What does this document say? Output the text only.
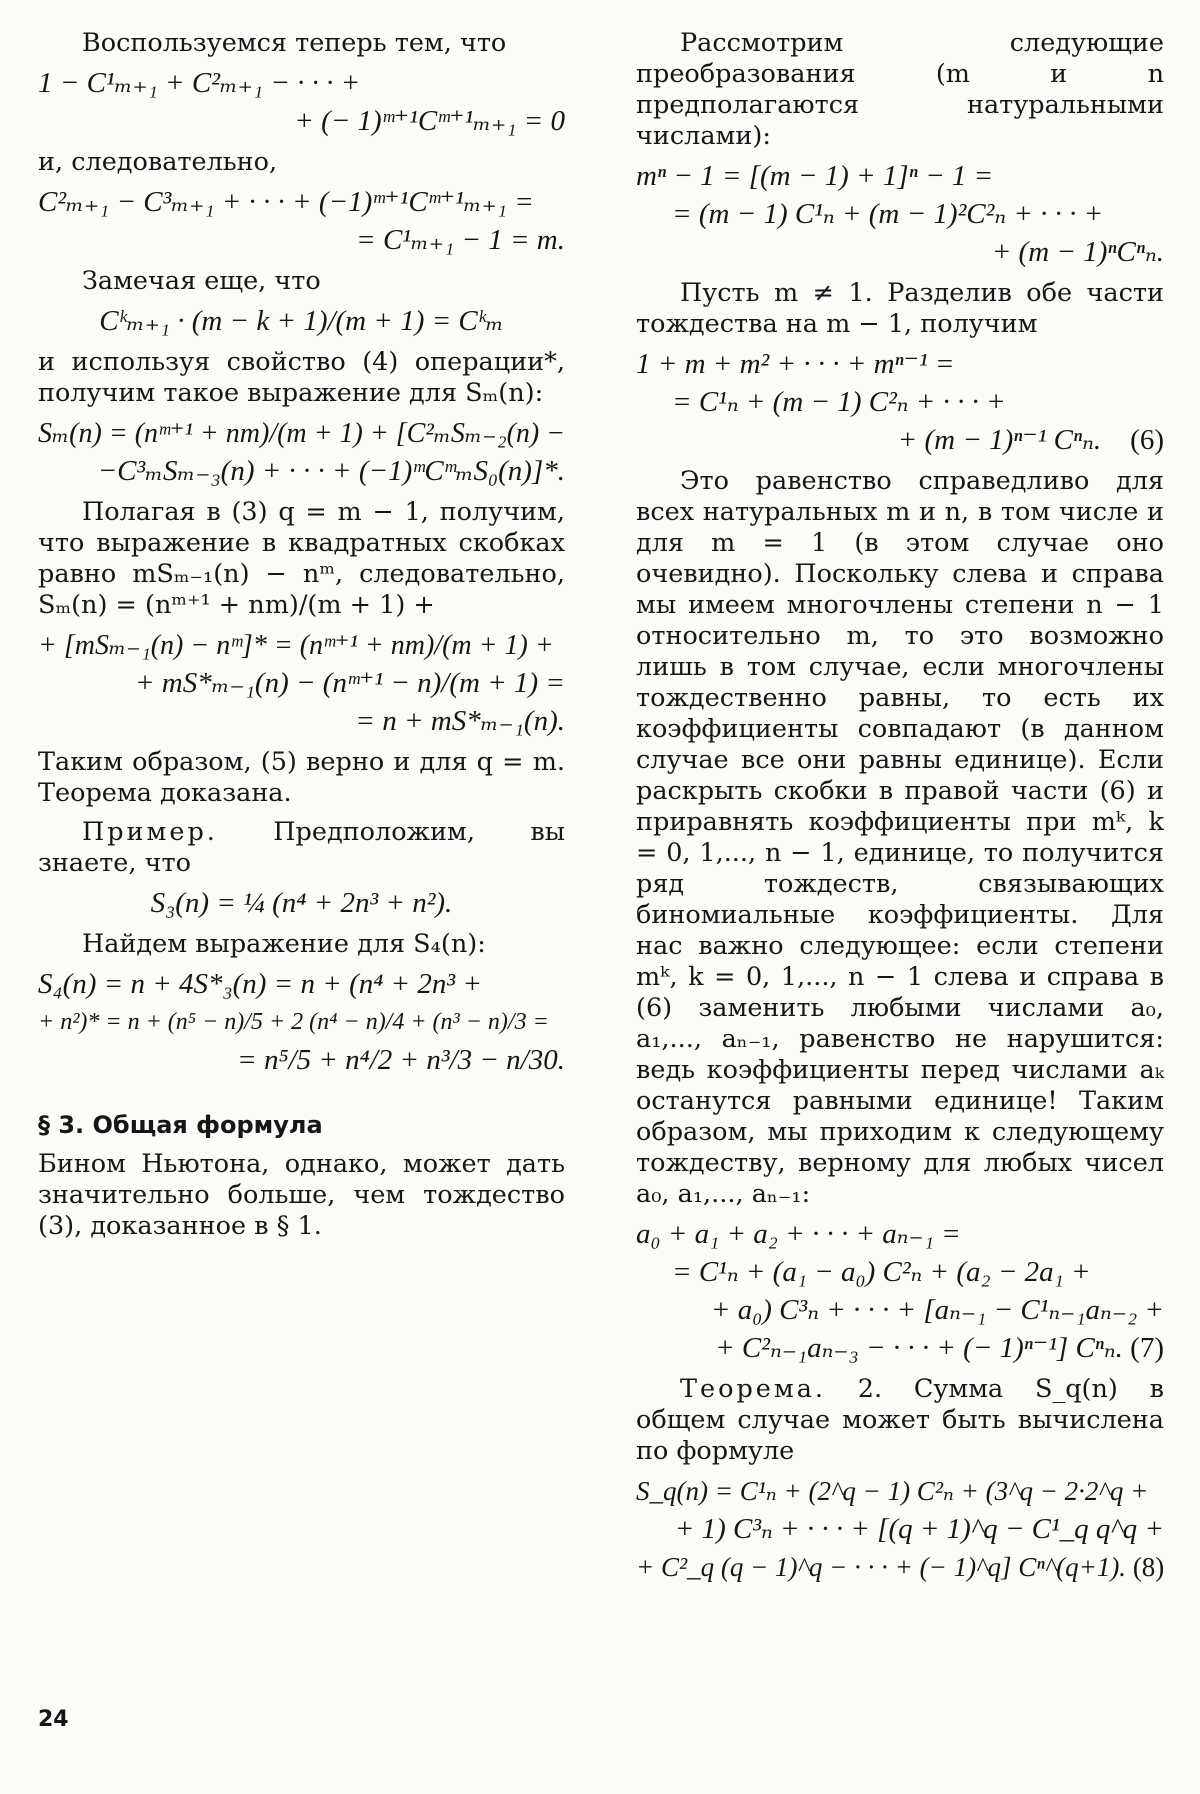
Воспользуемся теперь тем, что

1 − C¹ₘ₊₁ + C²ₘ₊₁ − · · · +
+ (− 1)ᵐ⁺¹Cᵐ⁺¹ₘ₊₁ = 0

и, следовательно,

C²ₘ₊₁ − C³ₘ₊₁ + · · · + (−1)ᵐ⁺¹Cᵐ⁺¹ₘ₊₁ =
= C¹ₘ₊₁ − 1 = m.

Замечая еще, что

Cᵏₘ₊₁ · (m − k + 1)/(m + 1) = Cᵏₘ

и используя свойство (4) операции*, получим такое выражение для Sₘ(n):

Sₘ(n) = (nᵐ⁺¹ + nm)/(m + 1) + [C²ₘSₘ₋₂(n) −
−C³ₘSₘ₋₃(n) + · · · + (−1)ᵐCᵐₘS₀(n)]*.

Полагая в (3) q = m − 1, получим, что выражение в квадратных скобках равно mSₘ₋₁(n) − nᵐ, следовательно, Sₘ(n) = (nᵐ⁺¹ + nm)/(m + 1) +

+ [mSₘ₋₁(n) − nᵐ]* = (nᵐ⁺¹ + nm)/(m + 1) +
+ mS*ₘ₋₁(n) − (nᵐ⁺¹ − n)/(m + 1) =
= n + mS*ₘ₋₁(n).

Таким образом, (5) верно и для q = m. Теорема доказана.

Пример. Предположим, вы знаете, что

S₃(n) = ¼ (n⁴ + 2n³ + n²).

Найдем выражение для S₄(n):

S₄(n) = n + 4S*₃(n) = n + (n⁴ + 2n³ +
+ n²)* = n + (n⁵ − n)/5 + 2 (n⁴ − n)/4 + (n³ − n)/3 =
= n⁵/5 + n⁴/2 + n³/3 − n/30.
§ 3. Общая формула

Бином Ньютона, однако, может дать значительно больше, чем тождество (3), доказанное в § 1.

Рассмотрим следующие преобразования (m и n предполагаются натуральными числами):

mⁿ − 1 = [(m − 1) + 1]ⁿ − 1 =
= (m − 1) C¹ₙ + (m − 1)²C²ₙ + · · · +
+ (m − 1)ⁿCⁿₙ.

Пусть m ≠ 1. Разделив обе части тождества на m − 1, получим

1 + m + m² + · · · + mⁿ⁻¹ =
= C¹ₙ + (m − 1) C²ₙ + · · · +
+ (m − 1)ⁿ⁻¹ Cⁿₙ. (6)

Это равенство справедливо для всех натуральных m и n, в том числе и для m = 1 (в этом случае оно очевидно). Поскольку слева и справа мы имеем многочлены степени n − 1 относительно m, то это возможно лишь в том случае, если многочлены тождественно равны, то есть их коэффициенты совпадают (в данном случае все они равны единице). Если раскрыть скобки в правой части (6) и приравнять коэффициенты при mᵏ, k = 0, 1,..., n − 1, единице, то получится ряд тождеств, связывающих биномиальные коэффициенты. Для нас важно следующее: если степени mᵏ, k = 0, 1,..., n − 1 слева и справа в (6) заменить любыми числами a₀, a₁,..., aₙ₋₁, равенство не нарушится: ведь коэффициенты перед числами aₖ останутся равными единице! Таким образом, мы приходим к следующему тождеству, верному для любых чисел a₀, a₁,..., aₙ₋₁:

a₀ + a₁ + a₂ + · · · + aₙ₋₁ =
= C¹ₙ + (a₁ − a₀) C²ₙ + (a₂ − 2a₁ +
+ a₀) C³ₙ + · · · + [aₙ₋₁ − C¹ₙ₋₁aₙ₋₂ +
+ C²ₙ₋₁aₙ₋₃ − · · · + (− 1)ⁿ⁻¹] Cⁿₙ. (7)

Теорема. 2. Сумма S_q(n) в общем случае может быть вычислена по формуле

S_q(n) = C¹ₙ + (2^q − 1) C²ₙ + (3^q − 2·2^q +
+ 1) C³ₙ + · · · + [(q + 1)^q − C¹_q q^q +
+ C²_q (q − 1)^q − · · · + (− 1)^q] Cⁿ^(q+1). (8)
24
